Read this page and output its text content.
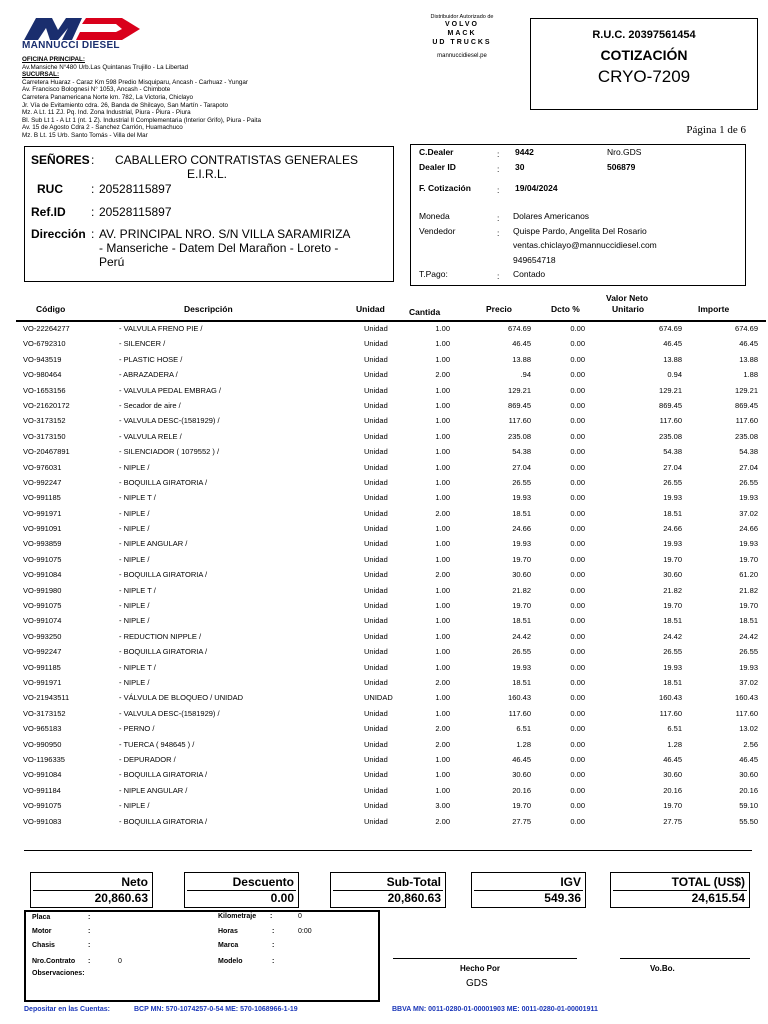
MANNUCCI DIESEL
OFICINA PRINCIPAL:
Av.Mansiche N°480 Urb.Las Quintanas Trujillo - La Libertad
SUCURSAL:
Carretera Huaraz - Caraz Km 598 Predio Misquiparu, Ancash - Carhuaz - Yungar
Av. Francisco Bolognesi N° 1053, Ancash - Chimbote
Carretera Panamericana Norte km. 782, La Victoria, Chiclayo
Jr. Vía de Evitamiento cdra. 26, Banda de Shilcayo, San Martín - Tarapoto
Mz. A Lt. 11 ZJ. Pq. Ind. Zona Industrial, Piura - Piura - Piura
Bl. Sub Lt 1 - A Lt 1 (nt. 1 Z). Industrial II Complementaria (Interior Grifo), Piura - Paita
Av. 15 de Agosto Cdra 2 - Sanchez Carrión, Huamachuco
Mz. B Lt. 15 Urb. Santo Tomás - Villa del Mar
Distribuidor Autorizado de
VOLVO
MACK
UD TRUCKS
mannuccidiesel.pe
R.U.C. 20397561454
COTIZACIÓN
CRYO-7209
Página 1 de 6
SEÑORES : CABALLERO CONTRATISTAS GENERALES
E.I.R.L.
RUC : 20528115897
Ref.ID : 20528115897
Dirección : AV. PRINCIPAL NRO. S/N VILLA SARAMIRIZA
- Manseriche - Datem Del Marañon - Loreto -
Perú
C.Dealer	: 9442	Nro.GDS
Dealer ID	: 30	506879
F. Cotización	: 19/04/2024
Moneda	: Dolares Americanos
Vendedor	: Quispe Pardo, Angelita Del Rosario
ventas.chiclayo@mannuccidiesel.com
949654718
T.Pago:	: Contado
Código	Descripción	Unidad	Cantida	Precio	Dcto %
Valor Neto
Unitario	Importe
VO-22264277	- VALVULA FRENO PIE /	Unidad	1.00	674.69	0.00	674.69	674.69
VO-6792310	- SILENCER /	Unidad	1.00	46.45	0.00	46.45	46.45
VO-943519	- PLASTIC HOSE /	Unidad	1.00	13.88	0.00	13.88	13.88
VO-980464	- ABRAZADERA /	Unidad	2.00	.94	0.00	0.94	1.88
VO-1653156	- VALVULA PEDAL EMBRAG /	Unidad	1.00	129.21	0.00	129.21	129.21
VO-21620172	- Secador de aire /	Unidad	1.00	869.45	0.00	869.45	869.45
VO-3173152	- VALVULA DESC-(1581929) /	Unidad	1.00	117.60	0.00	117.60	117.60
VO-3173150	- VALVULA RELE /	Unidad	1.00	235.08	0.00	235.08	235.08
VO-20467891	- SILENCIADOR ( 1079552 ) /	Unidad	1.00	54.38	0.00	54.38	54.38
VO-976031	- NIPLE /	Unidad	1.00	27.04	0.00	27.04	27.04
VO-992247	- BOQUILLA GIRATORIA /	Unidad	1.00	26.55	0.00	26.55	26.55
VO-991185	- NIPLE T /	Unidad	1.00	19.93	0.00	19.93	19.93
VO-991971	- NIPLE /	Unidad	2.00	18.51	0.00	18.51	37.02
VO-991091	- NIPLE /	Unidad	1.00	24.66	0.00	24.66	24.66
VO-993859	- NIPLE ANGULAR /	Unidad	1.00	19.93	0.00	19.93	19.93
VO-991075	- NIPLE /	Unidad	1.00	19.70	0.00	19.70	19.70
VO-991084	- BOQUILLA GIRATORIA /	Unidad	2.00	30.60	0.00	30.60	61.20
VO-991980	- NIPLE T /	Unidad	1.00	21.82	0.00	21.82	21.82
VO-991075	- NIPLE /	Unidad	1.00	19.70	0.00	19.70	19.70
VO-991074	- NIPLE /	Unidad	1.00	18.51	0.00	18.51	18.51
VO-993250	- REDUCTION NIPPLE /	Unidad	1.00	24.42	0.00	24.42	24.42
VO-992247	- BOQUILLA GIRATORIA /	Unidad	1.00	26.55	0.00	26.55	26.55
VO-991185	- NIPLE T /	Unidad	1.00	19.93	0.00	19.93	19.93
VO-991971	- NIPLE /	Unidad	2.00	18.51	0.00	18.51	37.02
VO-21943511	- VÁLVULA DE BLOQUEO / UNIDAD	UNIDAD	1.00	160.43	0.00	160.43	160.43
VO-3173152	- VALVULA DESC-(1581929) /	Unidad	1.00	117.60	0.00	117.60	117.60
VO-965183	- PERNO /	Unidad	2.00	6.51	0.00	6.51	13.02
VO-990950	- TUERCA ( 948645 ) /	Unidad	2.00	1.28	0.00	1.28	2.56
VO-1196335	- DEPURADOR /	Unidad	1.00	46.45	0.00	46.45	46.45
VO-991084	- BOQUILLA GIRATORIA /	Unidad	1.00	30.60	0.00	30.60	30.60
VO-991184	- NIPLE ANGULAR /	Unidad	1.00	20.16	0.00	20.16	20.16
VO-991075	- NIPLE /	Unidad	3.00	19.70	0.00	19.70	59.10
VO-991083	- BOQUILLA GIRATORIA /	Unidad	2.00	27.75	0.00	27.75	55.50
Neto
20,860.63
Descuento
0.00
Sub-Total
20,860.63
IGV
549.36
TOTAL (US$)
24,615.54
Placa	:
Motor	:
Chasis	:
Nro.Contrato :	0
Observaciones:
Kilometraje :	0
Horas	:	0:00
Marca	:
Modelo	:
Hecho Por
GDS
Vo.Bo.
Depositar en las Cuentas:	BCP MN: 570-1074257-0-54 ME: 570-1068966-1-19	BBVA MN: 0011-0280-01-00001903 ME: 0011-0280-01-00001911
